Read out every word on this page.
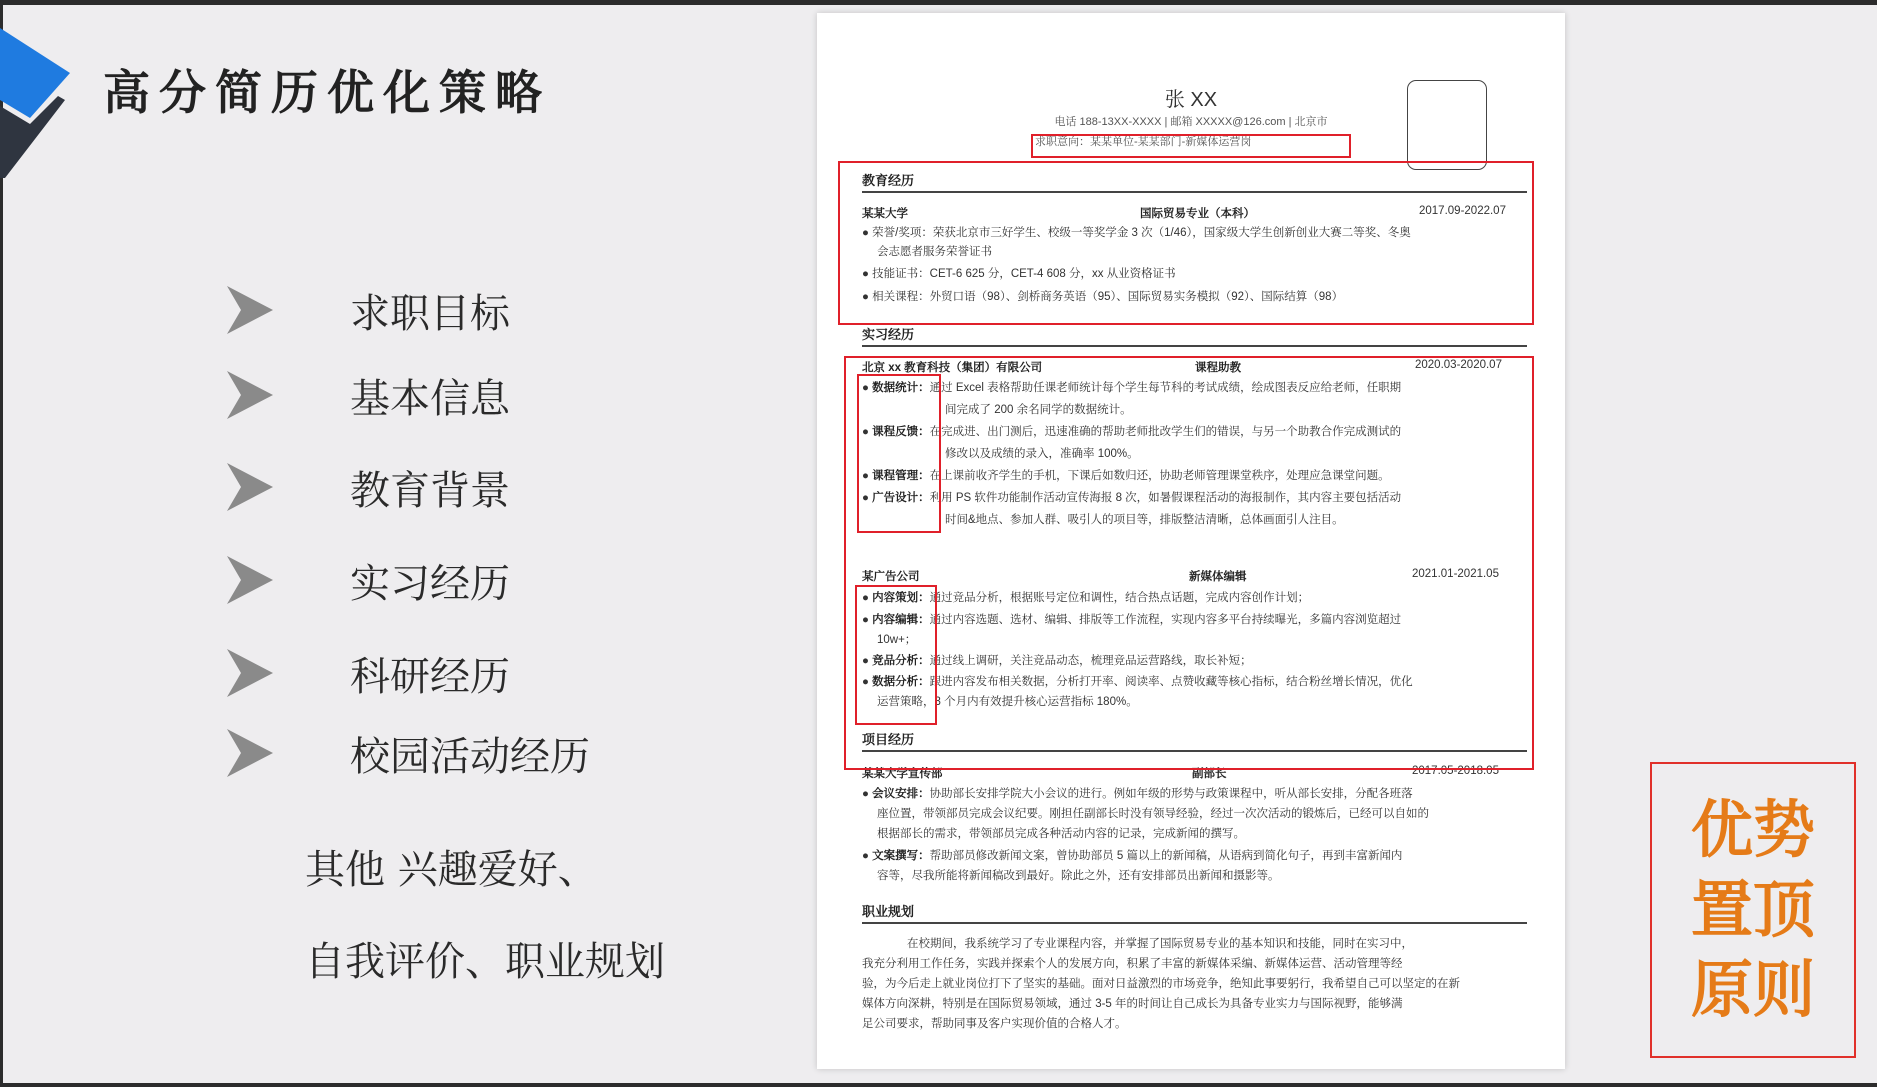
高分简历优化策略
求职目标
基本信息
教育背景
实习经历
科研经历
校园活动经历
其他 兴趣爱好、
自我评价、职业规划
张 XX
电话 188-13XX-XXXX | 邮箱 XXXXX@126.com | 北京市
求职意向：某某单位-某某部门-新媒体运营岗
教育经历
某某大学	国际贸易专业（本科）	2017.09-2022.07
● 荣誉/奖项：荣获北京市三好学生、校级一等奖学金 3 次（1/46），国家级大学生创新创业大赛二等奖、冬奥
会志愿者服务荣誉证书
● 技能证书：CET-6 625 分，CET-4 608 分，xx 从业资格证书
● 相关课程：外贸口语（98）、剑桥商务英语（95）、国际贸易实务模拟（92）、国际结算（98）
实习经历
北京 xx 教育科技（集团）有限公司	课程助教	2020.03-2020.07
● 数据统计：通过 Excel 表格帮助任课老师统计每个学生每节科的考试成绩，绘成图表反应给老师，任职期
间完成了 200 余名同学的数据统计。
● 课程反馈：在完成进、出门测后，迅速准确的帮助老师批改学生们的错误，与另一个助教合作完成测试的
修改以及成绩的录入，准确率 100%。
● 课程管理：在上课前收齐学生的手机，下课后如数归还，协助老师管理课堂秩序，处理应急课堂问题。
● 广告设计：利用 PS 软件功能制作活动宣传海报 8 次，如暑假课程活动的海报制作，其内容主要包括活动
时间&地点、参加人群、吸引人的项目等，排版整洁清晰，总体画面引人注目。
某广告公司	新媒体编辑	2021.01-2021.05
● 内容策划：通过竞品分析，根据账号定位和调性，结合热点话题，完成内容创作计划；
● 内容编辑：通过内容选题、选材、编辑、排版等工作流程，实现内容多平台持续曝光，多篇内容浏览超过
10w+；
● 竞品分析：通过线上调研，关注竞品动态，梳理竞品运营路线，取长补短；
● 数据分析：跟进内容发布相关数据，分析打开率、阅读率、点赞收藏等核心指标，结合粉丝增长情况，优化
运营策略，3 个月内有效提升核心运营指标 180%。
项目经历
某某大学宣传部	副部长	2017.05-2018.05
● 会议安排：协助部长安排学院大小会议的进行。例如年级的形势与政策课程中，听从部长安排，分配各班落
座位置，带领部员完成会议纪要。刚担任副部长时没有领导经验，经过一次次活动的锻炼后，已经可以自如的
根据部长的需求，带领部员完成各种活动内容的记录，完成新闻的撰写。
● 文案撰写：帮助部员修改新闻文案，曾协助部员 5 篇以上的新闻稿，从语病到简化句子，再到丰富新闻内
容等，尽我所能将新闻稿改到最好。除此之外，还有安排部员出新闻和摄影等。
职业规划
在校期间，我系统学习了专业课程内容，并掌握了国际贸易专业的基本知识和技能，同时在实习中，
我充分利用工作任务，实践并探索个人的发展方向，积累了丰富的新媒体采编、新媒体运营、活动管理等经
验，为今后走上就业岗位打下了坚实的基础。面对日益激烈的市场竞争，绝知此事要躬行，我希望自己可以坚定的在新
媒体方向深耕，特别是在国际贸易领域，通过 3-5 年的时间让自己成长为具备专业实力与国际视野，能够满
足公司要求，帮助同事及客户实现价值的合格人才。
优势
置顶
原则
